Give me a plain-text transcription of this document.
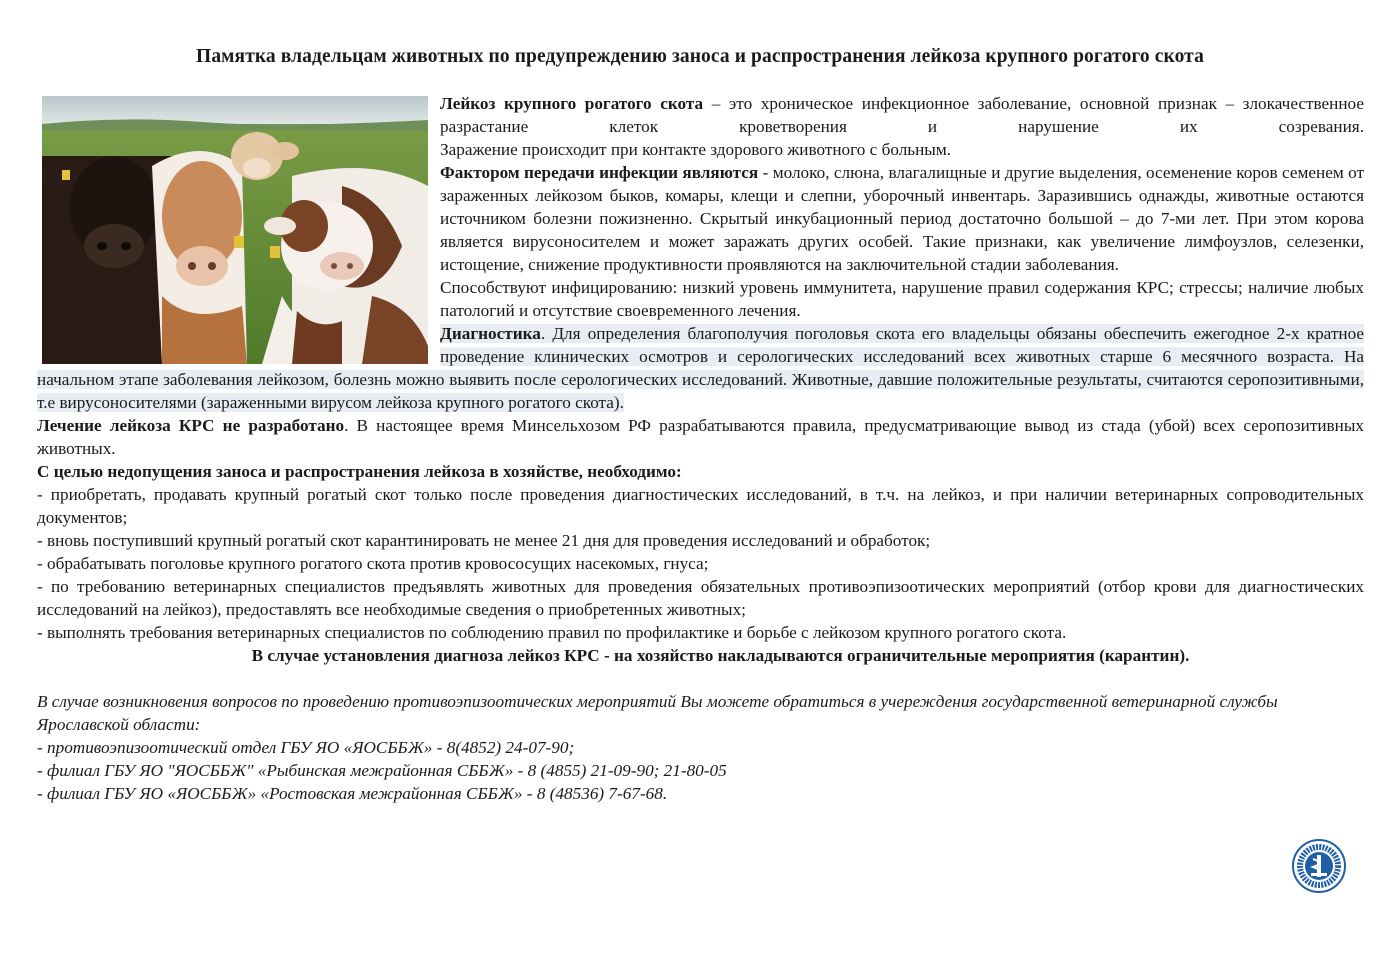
Памятка владельцам животных по предупреждению заноса и распространения лейкоза крупного рогатого скота

Лейкоз крупного рогатого скота – это хроническое инфекционное заболевание, основной признак – злокачественное разрастание клеток кроветворения и нарушение их созревания.

Заражение происходит при контакте здорового животного с больным.

Фактором передачи инфекции являются - молоко, слюна, влагалищные и другие выделения, осеменение коров семенем от зараженных лейкозом быков, комары, клещи и слепни, уборочный инвентарь. Заразившись однажды, животные остаются источником болезни пожизненно. Скрытый инкубационный период достаточно большой – до 7-ми лет. При этом корова является вирусоносителем и может заражать других особей. Такие признаки, как увеличение лимфоузлов, селезенки, истощение, снижение продуктивности проявляются на заключительной стадии заболевания.

Способствуют инфицированию: низкий уровень иммунитета, нарушение правил содержания КРС; стрессы; наличие любых патологий и отсутствие своевременного лечения.

Диагностика. Для определения благополучия поголовья скота его владельцы обязаны обеспечить ежегодное 2-х кратное проведение клинических осмотров и серологических исследований всех животных старше 6 месячного возраста. На начальном этапе заболевания лейкозом, болезнь можно выявить после серологических исследований. Животные, давшие положительные результаты, считаются серопозитивными, т.е вирусоносителями (зараженными вирусом лейкоза крупного рогатого скота).

Лечение лейкоза КРС не разработано. В настоящее время Минсельхозом РФ разрабатываются правила, предусматривающие вывод из стада (убой) всех серопозитивных животных.

С целью недопущения заноса и распространения лейкоза в хозяйстве, необходимо:

- приобретать, продавать крупный рогатый скот только после проведения диагностических исследований, в т.ч. на лейкоз, и при наличии ветеринарных сопроводительных документов;

- вновь поступивший крупный рогатый скот карантинировать не менее 21 дня для проведения исследований и обработок;

- обрабатывать поголовье крупного рогатого скота против кровососущих насекомых, гнуса;

- по требованию ветеринарных специалистов предъявлять животных для проведения обязательных противоэпизоотических мероприятий (отбор крови для диагностических исследований на лейкоз), предоставлять все необходимые сведения о приобретенных животных;

- выполнять требования ветеринарных специалистов по соблюдению правил по профилактике и борьбе с лейкозом крупного рогатого скота.

В случае установления диагноза лейкоз КРС - на хозяйство накладываются ограничительные мероприятия (карантин).

В случае возникновения вопросов по проведению противоэпизоотических мероприятий Вы можете обратиться в учереждения государственной ветеринарной службы Ярославской области:

- противоэпизоотический отдел ГБУ ЯО «ЯОСББЖ» - 8(4852) 24-07-90;

- филиал ГБУ ЯО "ЯОСББЖ" «Рыбинская межрайонная СББЖ» - 8 (4855) 21-09-90; 21-80-05

- филиал ГБУ ЯО «ЯОСББЖ» «Ростовская межрайонная СББЖ» - 8 (48536) 7-67-68.
